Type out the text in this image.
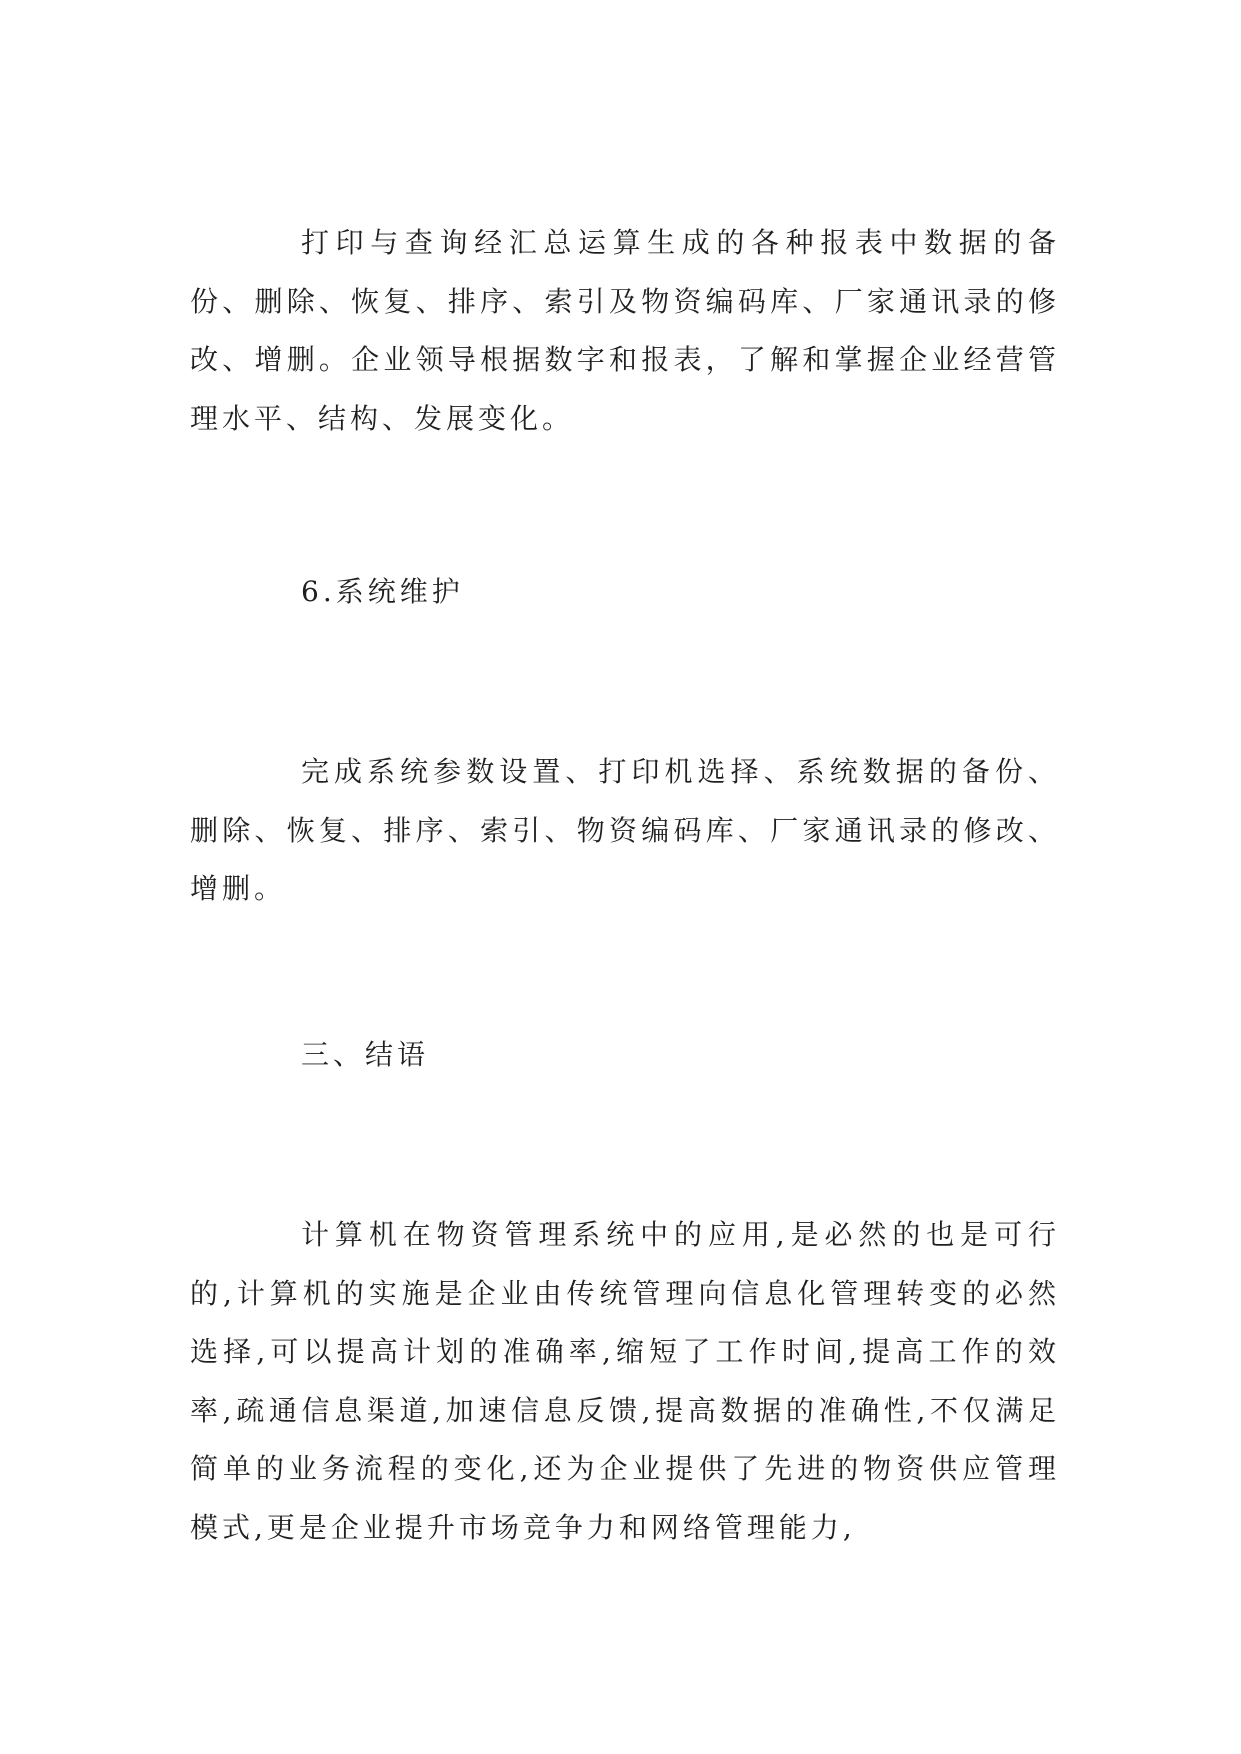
打印与查询经汇总运算生成的各种报表中数据的备份、删除、恢复、排序、索引及物资编码库、厂家通讯录的修改、增删。企业领导根据数字和报表，了解和掌握企业经营管理水平、结构、发展变化。

6.系统维护

完成系统参数设置、打印机选择、系统数据的备份、删除、恢复、排序、索引、物资编码库、厂家通讯录的修改、增删。

三、结语

计算机在物资管理系统中的应用,是必然的也是可行的,计算机的实施是企业由传统管理向信息化管理转变的必然选择,可以提高计划的准确率,缩短了工作时间,提高工作的效率,疏通信息渠道,加速信息反馈,提高数据的准确性,不仅满足简单的业务流程的变化,还为企业提供了先进的物资供应管理模式,更是企业提升市场竞争力和网络管理能力,
